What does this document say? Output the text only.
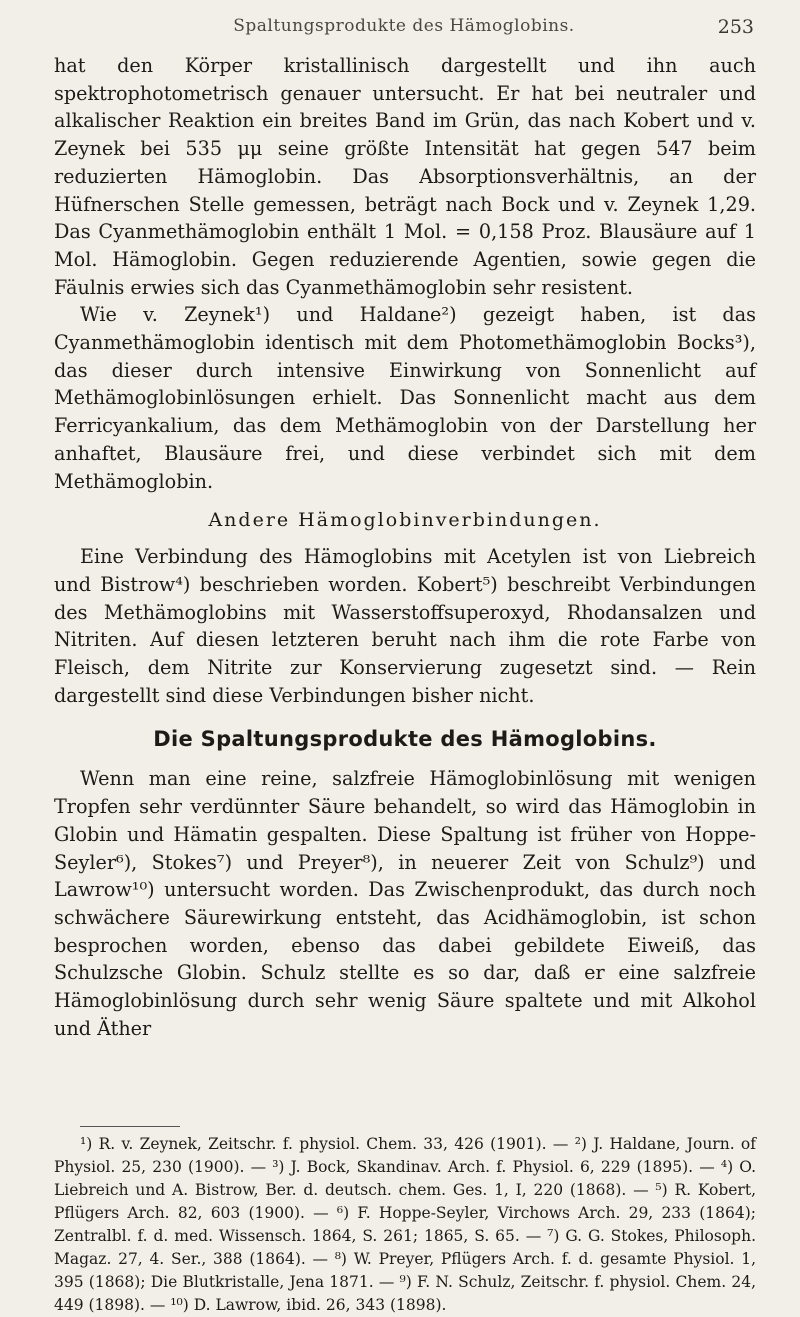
Spaltungsprodukte des Hämoglobins.	253

hat den Körper kristallinisch dargestellt und ihn auch spektrophotometrisch genauer untersucht. Er hat bei neutraler und alkalischer Reaktion ein breites Band im Grün, das nach Kobert und v. Zeynek bei 535 μμ seine größte Intensität hat gegen 547 beim reduzierten Hämoglobin. Das Absorptionsverhältnis, an der Hüfnerschen Stelle gemessen, beträgt nach Bock und v. Zeynek 1,29. Das Cyanmethämoglobin enthält 1 Mol. = 0,158 Proz. Blausäure auf 1 Mol. Hämoglobin. Gegen reduzierende Agentien, sowie gegen die Fäulnis erwies sich das Cyanmethämoglobin sehr resistent.

Wie v. Zeynek¹) und Haldane²) gezeigt haben, ist das Cyanmethämoglobin identisch mit dem Photomethämoglobin Bocks³), das dieser durch intensive Einwirkung von Sonnenlicht auf Methämoglobinlösungen erhielt. Das Sonnenlicht macht aus dem Ferricyankalium, das dem Methämoglobin von der Darstellung her anhaftet, Blausäure frei, und diese verbindet sich mit dem Methämoglobin.

Andere Hämoglobinverbindungen.

Eine Verbindung des Hämoglobins mit Acetylen ist von Liebreich und Bistrow⁴) beschrieben worden. Kobert⁵) beschreibt Verbindungen des Methämoglobins mit Wasserstoffsuperoxyd, Rhodansalzen und Nitriten. Auf diesen letzteren beruht nach ihm die rote Farbe von Fleisch, dem Nitrite zur Konservierung zugesetzt sind. — Rein dargestellt sind diese Verbindungen bisher nicht.

Die Spaltungsprodukte des Hämoglobins.

Wenn man eine reine, salzfreie Hämoglobinlösung mit wenigen Tropfen sehr verdünnter Säure behandelt, so wird das Hämoglobin in Globin und Hämatin gespalten. Diese Spaltung ist früher von Hoppe-Seyler⁶), Stokes⁷) und Preyer⁸), in neuerer Zeit von Schulz⁹) und Lawrow¹⁰) untersucht worden. Das Zwischenprodukt, das durch noch schwächere Säurewirkung entsteht, das Acidhämoglobin, ist schon besprochen worden, ebenso das dabei gebildete Eiweiß, das Schulzsche Globin. Schulz stellte es so dar, daß er eine salzfreie Hämoglobinlösung durch sehr wenig Säure spaltete und mit Alkohol und Äther

¹) R. v. Zeynek, Zeitschr. f. physiol. Chem. 33, 426 (1901). — ²) J. Haldane, Journ. of Physiol. 25, 230 (1900). — ³) J. Bock, Skandinav. Arch. f. Physiol. 6, 229 (1895). — ⁴) O. Liebreich und A. Bistrow, Ber. d. deutsch. chem. Ges. 1, I, 220 (1868). — ⁵) R. Kobert, Pflügers Arch. 82, 603 (1900). — ⁶) F. Hoppe-Seyler, Virchows Arch. 29, 233 (1864); Zentralbl. f. d. med. Wissensch. 1864, S. 261; 1865, S. 65. — ⁷) G. G. Stokes, Philosoph. Magaz. 27, 4. Ser., 388 (1864). — ⁸) W. Preyer, Pflügers Arch. f. d. gesamte Physiol. 1, 395 (1868); Die Blutkristalle, Jena 1871. — ⁹) F. N. Schulz, Zeitschr. f. physiol. Chem. 24, 449 (1898). — ¹⁰) D. Lawrow, ibid. 26, 343 (1898).
